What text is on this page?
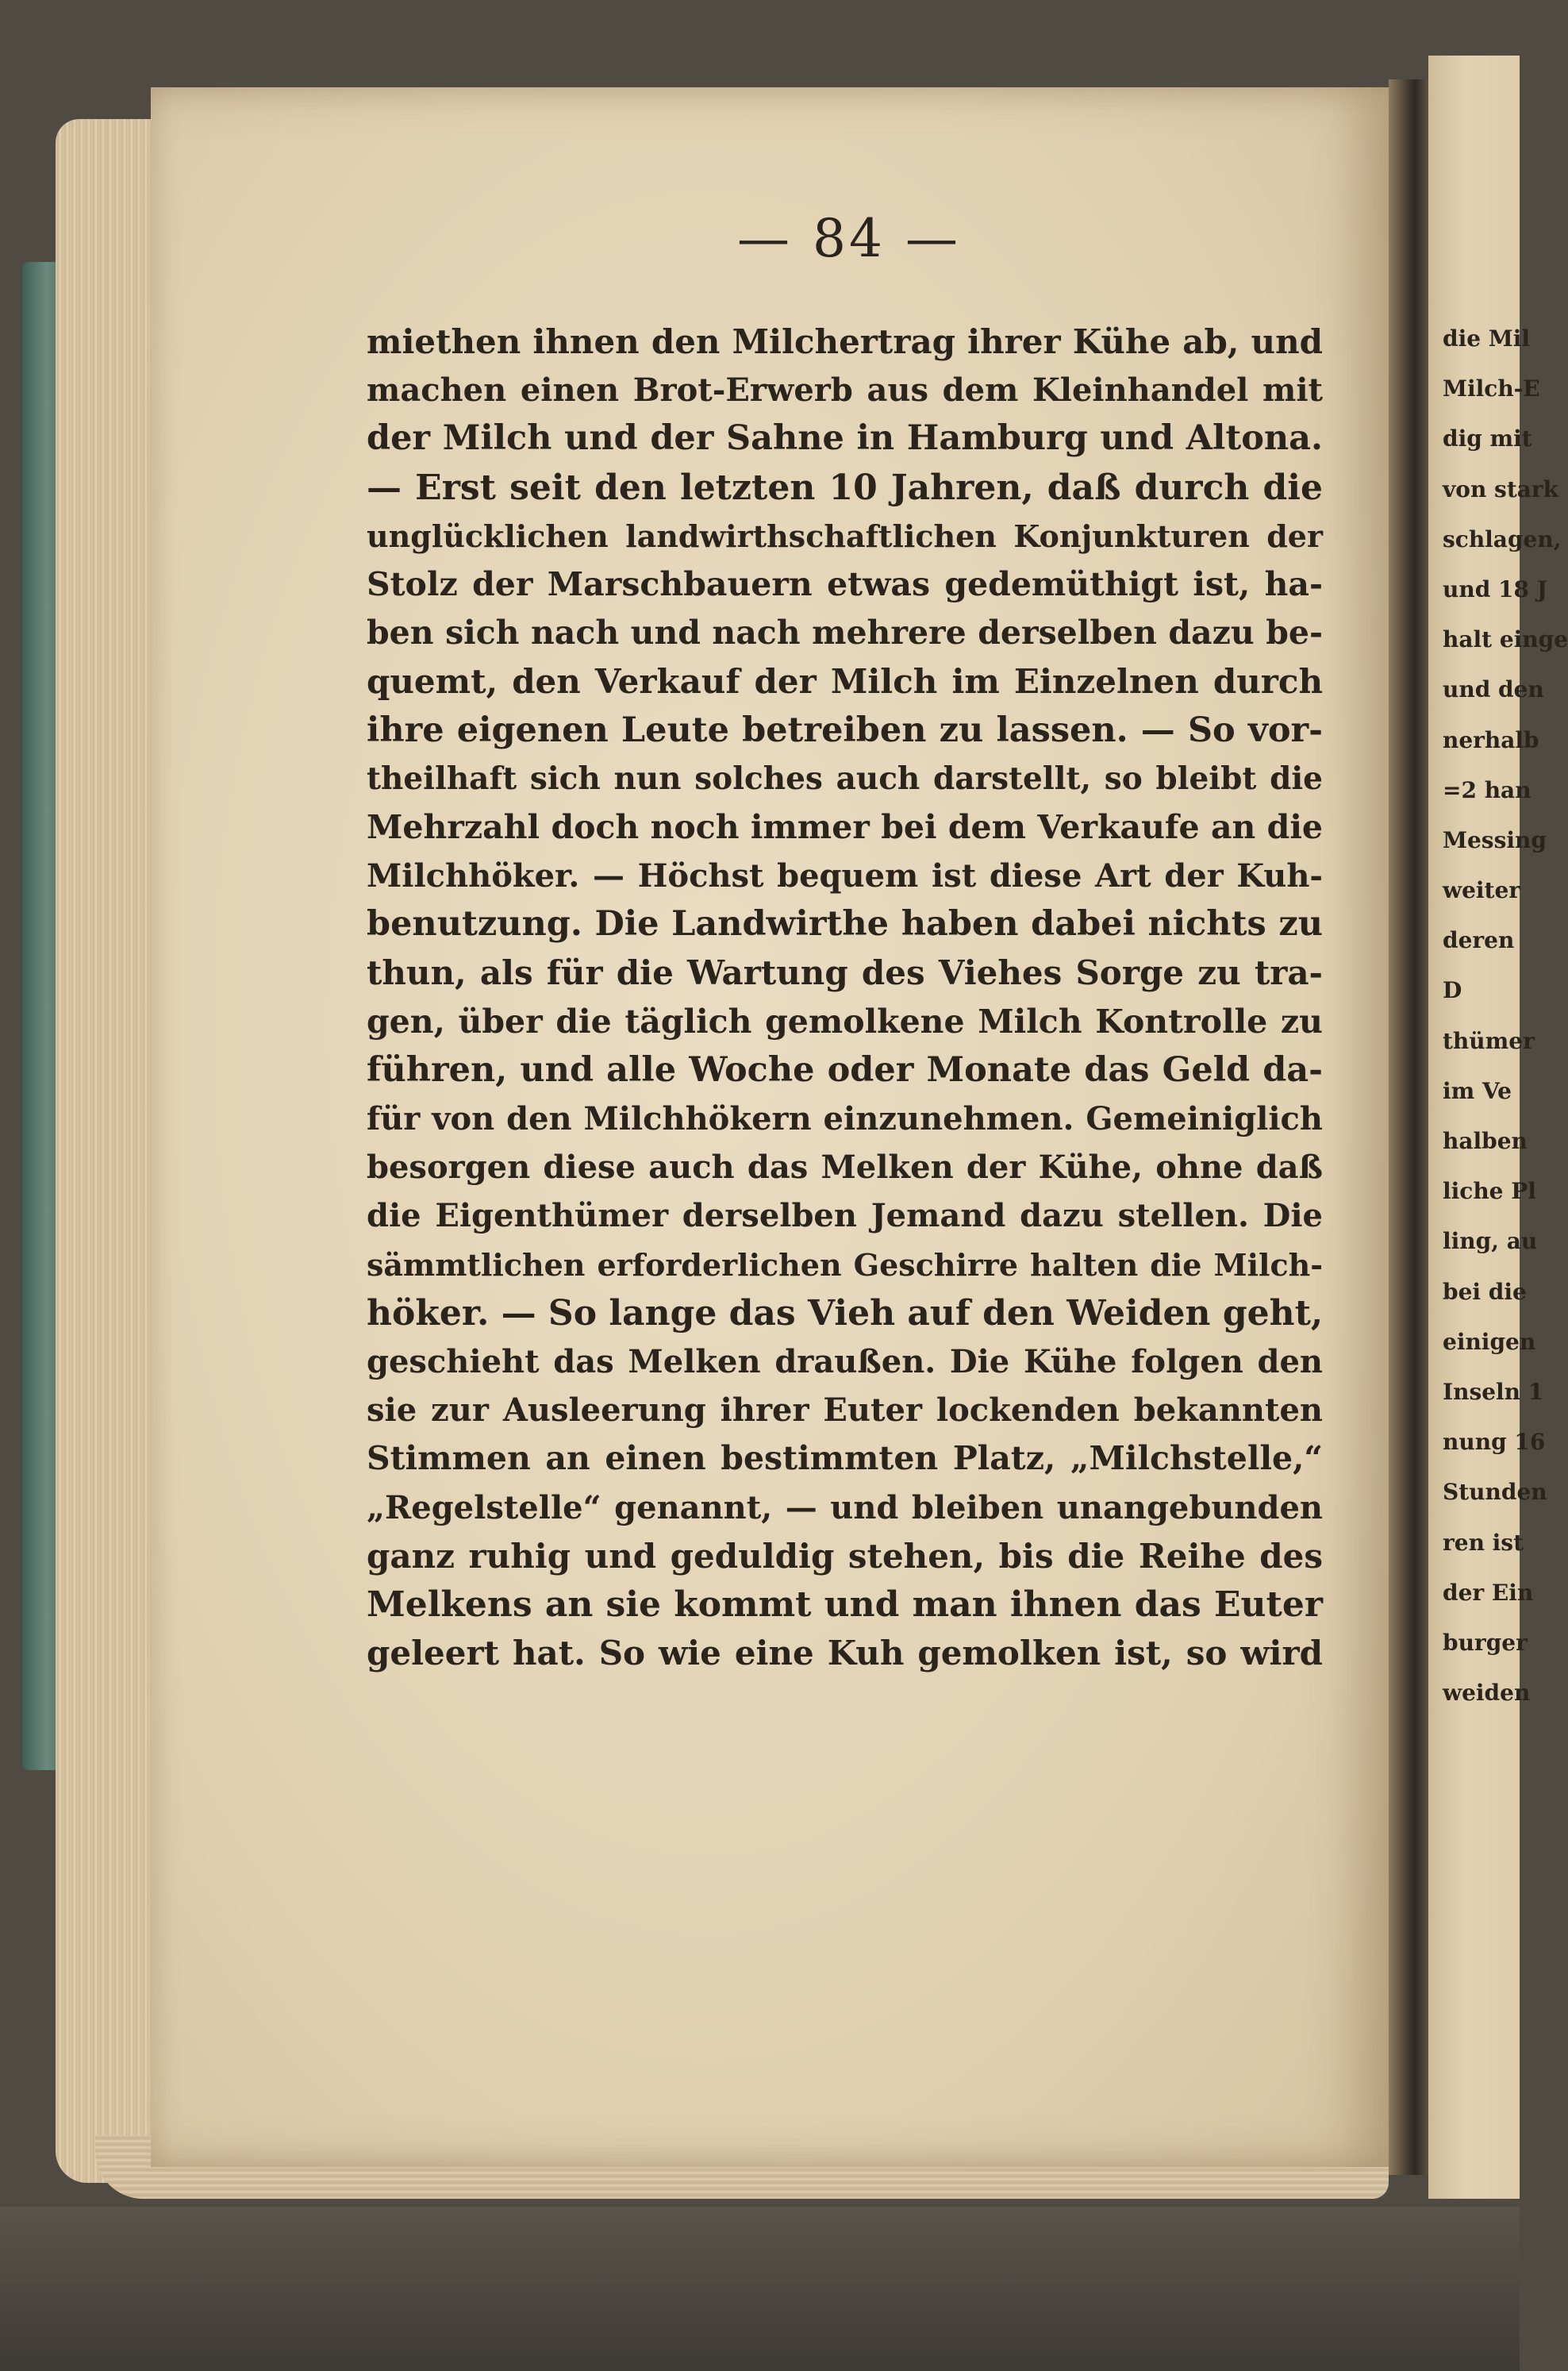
— 84 —
miethen ihnen den Milchertrag ihrer Kühe ab, und
machen einen Brot-Erwerb aus dem Kleinhandel mit
der Milch und der Sahne in Hamburg und Altona.
— Erst seit den letzten 10 Jahren, daß durch die
unglücklichen landwirthschaftlichen Konjunkturen der
Stolz der Marschbauern etwas gedemüthigt ist, ha-
ben sich nach und nach mehrere derselben dazu be-
quemt, den Verkauf der Milch im Einzelnen durch
ihre eigenen Leute betreiben zu lassen. — So vor-
theilhaft sich nun solches auch darstellt, so bleibt die
Mehrzahl doch noch immer bei dem Verkaufe an die
Milchhöker. — Höchst bequem ist diese Art der Kuh-
benutzung. Die Landwirthe haben dabei nichts zu
thun, als für die Wartung des Viehes Sorge zu tra-
gen, über die täglich gemolkene Milch Kontrolle zu
führen, und alle Woche oder Monate das Geld da-
für von den Milchhökern einzunehmen. Gemeiniglich
besorgen diese auch das Melken der Kühe, ohne daß
die Eigenthümer derselben Jemand dazu stellen. Die
sämmtlichen erforderlichen Geschirre halten die Milch-
höker. — So lange das Vieh auf den Weiden geht,
geschieht das Melken draußen. Die Kühe folgen den
sie zur Ausleerung ihrer Euter lockenden bekannten
Stimmen an einen bestimmten Platz, „Milchstelle,“
„Regelstelle“ genannt, — und bleiben unangebunden
ganz ruhig und geduldig stehen, bis die Reihe des
Melkens an sie kommt und man ihnen das Euter
geleert hat. So wie eine Kuh gemolken ist, so wird
die Mil
Milch-E
dig mit
von stark
schlagen,
und 18 J
halt einge
und den
nerhalb
=2 han
Messing
weiter
deren
D
thümer
im Ve
halben
liche Pl
ling, au
bei die
einigen
Inseln 1
nung 16
Stunden
ren ist
der Ein
burger
weiden
